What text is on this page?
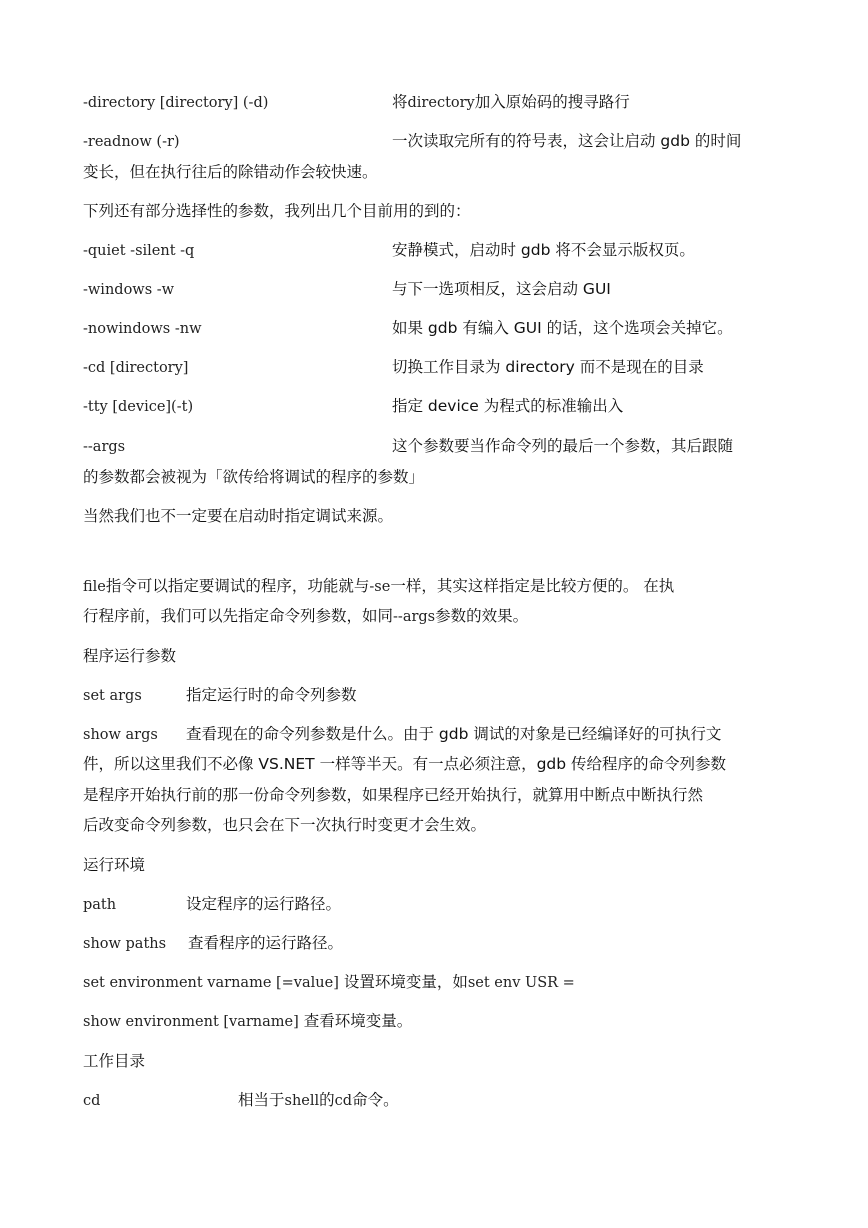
-directory [directory] (-d)	将directory加入原始码的搜寻路行
-readnow (-r)	一次读取完所有的符号表，这会让启动 gdb 的时间
变长，但在执行往后的除错动作会较快速。
下列还有部分选择性的参数，我列出几个目前用的到的：
-quiet -silent -q	安静模式，启动时 gdb 将不会显示版权页。
-windows -w	与下一选项相反，这会启动 GUI
-nowindows -nw	如果 gdb 有编入 GUI 的话，这个选项会关掉它。
-cd [directory]	切换工作目录为 directory 而不是现在的目录
-tty [device](-t)	指定 device 为程式的标准输出入
--args	这个参数要当作命令列的最后一个参数，其后跟随
的参数都会被视为「欲传给将调试的程序的参数」
当然我们也不一定要在启动时指定调试来源。
file指令可以指定要调试的程序，功能就与-se一样，其实这样指定是比较方便的。 在执
行程序前，我们可以先指定命令列参数，如同--args参数的效果。
程序运行参数
set args	指定运行时的命令列参数
show args 查看现在的命令列参数是什么。由于 gdb 调试的对象是已经编译好的可执行文
件，所以这里我们不必像 VS.NET 一样等半天。有一点必须注意，gdb 传给程序的命令列参数
是程序开始执行前的那一份命令列参数，如果程序已经开始执行，就算用中断点中断执行然
后改变命令列参数，也只会在下一次执行时变更才会生效。
运行环境
path	设定程序的运行路径。
show paths 查看程序的运行路径。
set environment varname [=value] 设置环境变量，如set env USR =
show environment [varname] 查看环境变量。
工作目录
cd	相当于shell的cd命令。
